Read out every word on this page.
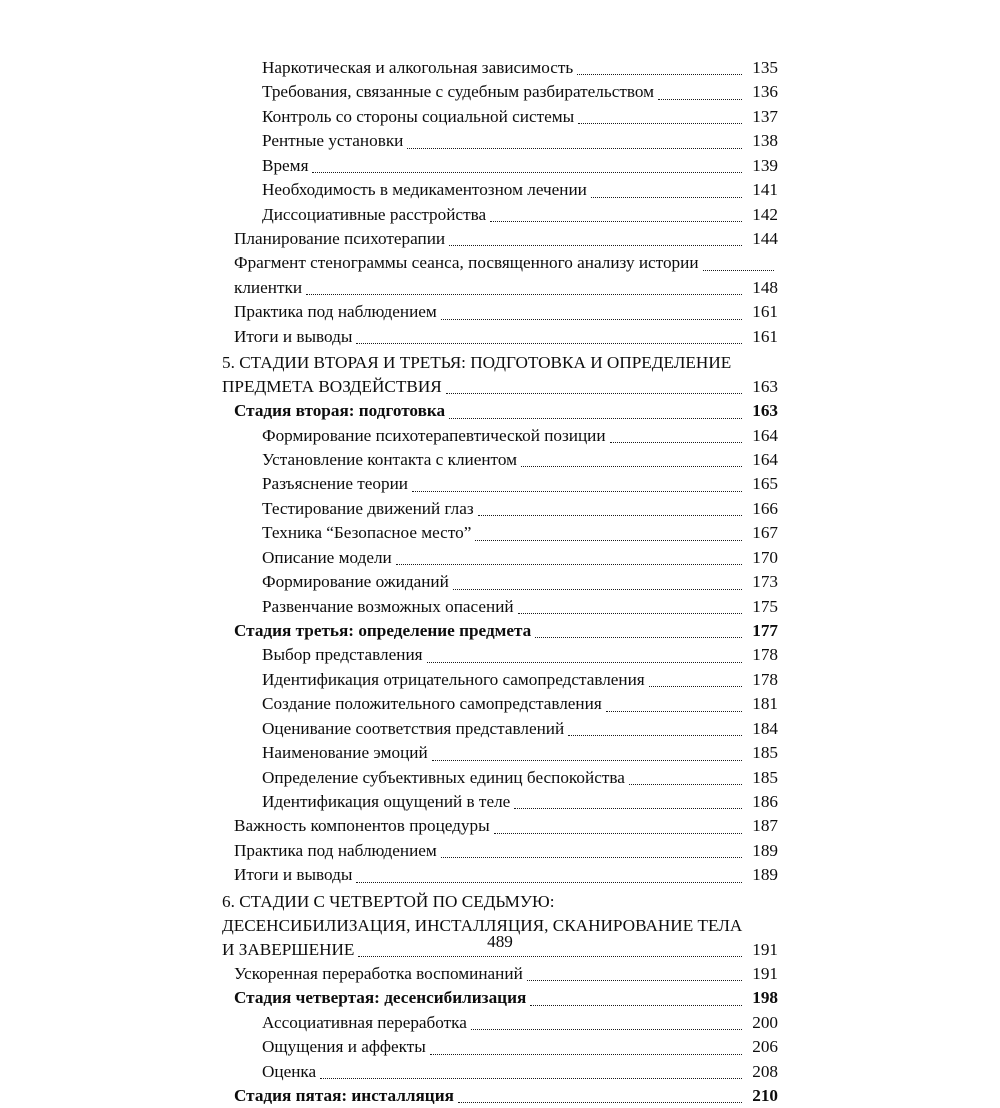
Наркотическая и алкогольная зависимость	135
Требования, связанные с судебным разбирательством	136
Контроль со стороны социальной системы	137
Рентные установки	138
Время	139
Необходимость в медикаментозном лечении	141
Диссоциативные расстройства	142
Планирование психотерапии	144
Фрагмент стенограммы сеанса, посвященного анализу истории
клиентки	148
Практика под наблюдением	161
Итоги и выводы	161
5. СТАДИИ ВТОРАЯ И ТРЕТЬЯ: ПОДГОТОВКА И ОПРЕДЕЛЕНИЕ
ПРЕДМЕТА ВОЗДЕЙСТВИЯ	163
Стадия вторая: подготовка	163
Формирование психотерапевтической позиции	164
Установление контакта с клиентом	164
Разъяснение теории	165
Тестирование движений глаз	166
Техника “Безопасное место”	167
Описание модели	170
Формирование ожиданий	173
Развенчание возможных опасений	175
Стадия третья: определение предмета	177
Выбор представления	178
Идентификация отрицательного самопредставления	178
Создание положительного самопредставления	181
Оценивание соответствия представлений	184
Наименование эмоций	185
Определение субъективных единиц беспокойства	185
Идентификация ощущений в теле	186
Важность компонентов процедуры	187
Практика под наблюдением	189
Итоги и выводы	189
6. СТАДИИ С ЧЕТВЕРТОЙ ПО СЕДЬМУЮ:
ДЕСЕНСИБИЛИЗАЦИЯ, ИНСТАЛЛЯЦИЯ, СКАНИРОВАНИЕ ТЕЛА
И ЗАВЕРШЕНИЕ	191
Ускоренная переработка воспоминаний	191
Стадия четвертая: десенсибилизация	198
Ассоциативная переработка	200
Ощущения и аффекты	206
Оценка	208
Стадия пятая: инсталляция	210
489
